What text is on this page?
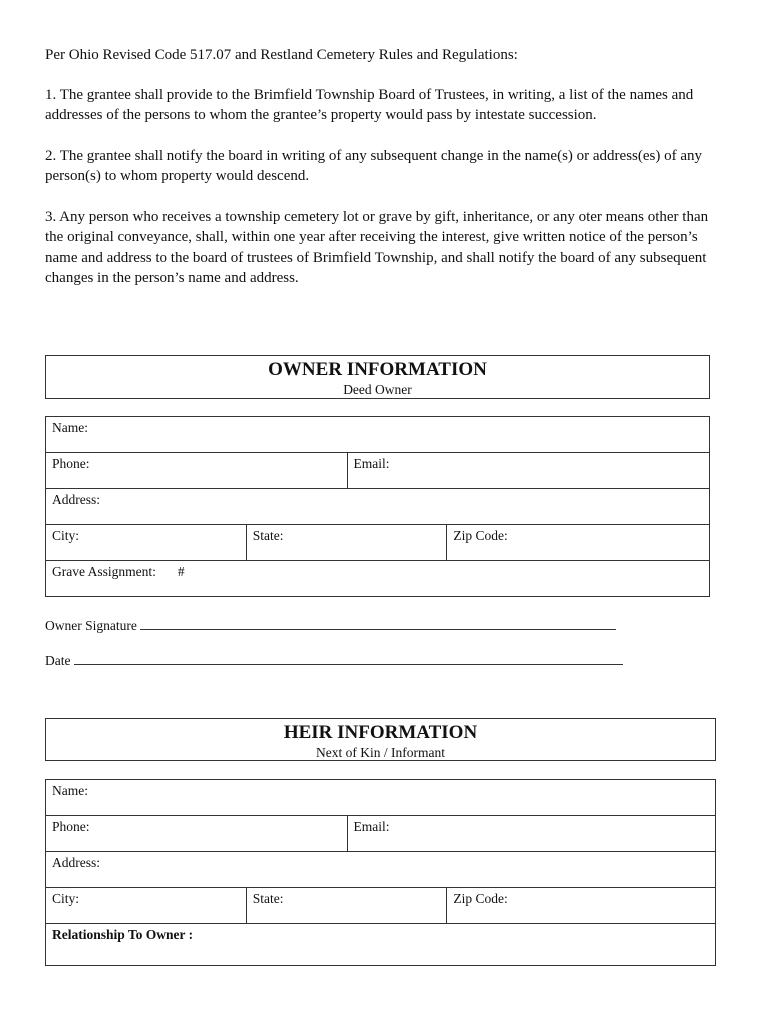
Per Ohio Revised Code 517.07 and Restland Cemetery Rules and Regulations:

1. The grantee shall provide to the Brimfield Township Board of Trustees, in writing, a list of the names and addresses of the persons to whom the grantee’s property would pass by intestate succession.

2. The grantee shall notify the board in writing of any subsequent change in the name(s) or address(es) of any person(s) to whom property would descend.

3. Any person who receives a township cemetery lot or grave by gift, inheritance, or any oter means other than the original conveyance, shall, within one year after receiving the interest, give written notice of the person’s name and address to the board of trustees of Brimfield Township, and shall notify the board of any subsequent changes in the person’s name and address.

OWNER INFORMATION
Deed Owner
Name:			
Phone:		Email:	
Address:			
City:	State:		Zip Code:
Grave Assignment: #			
Owner Signature
Date
HEIR INFORMATION
Next of Kin / Informant
Name:			
Phone:		Email:	
Address:			
City:	State:		Zip Code:
Relationship To Owner :			
